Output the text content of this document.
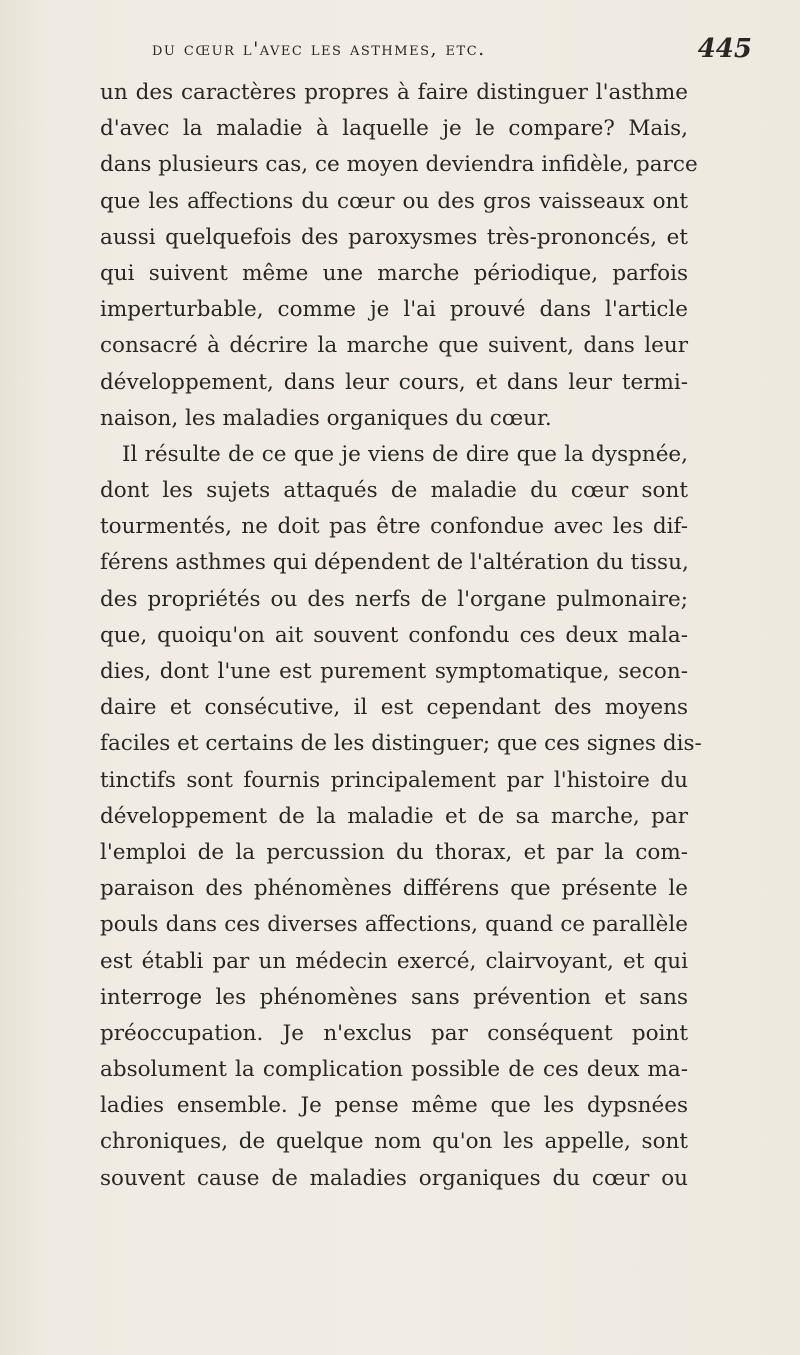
du cœur l'avec les asthmes, etc.	445
un des caractères propres à faire distinguer l'asthme
d'avec la maladie à laquelle je le compare? Mais,
dans plusieurs cas, ce moyen deviendra infidèle, parce
que les affections du cœur ou des gros vaisseaux ont
aussi quelquefois des paroxysmes très-prononcés, et
qui suivent même une marche périodique, parfois
imperturbable, comme je l'ai prouvé dans l'article
consacré à décrire la marche que suivent, dans leur
développement, dans leur cours, et dans leur termi-
naison, les maladies organiques du cœur.
Il résulte de ce que je viens de dire que la dyspnée,
dont les sujets attaqués de maladie du cœur sont
tourmentés, ne doit pas être confondue avec les dif-
férens asthmes qui dépendent de l'altération du tissu,
des propriétés ou des nerfs de l'organe pulmonaire;
que, quoiqu'on ait souvent confondu ces deux mala-
dies, dont l'une est purement symptomatique, secon-
daire et consécutive, il est cependant des moyens
faciles et certains de les distinguer; que ces signes dis-
tinctifs sont fournis principalement par l'histoire du
développement de la maladie et de sa marche, par
l'emploi de la percussion du thorax, et par la com-
paraison des phénomènes différens que présente le
pouls dans ces diverses affections, quand ce parallèle
est établi par un médecin exercé, clairvoyant, et qui
interroge les phénomènes sans prévention et sans
préoccupation. Je n'exclus par conséquent point
absolument la complication possible de ces deux ma-
ladies ensemble. Je pense même que les dypsnées
chroniques, de quelque nom qu'on les appelle, sont
souvent cause de maladies organiques du cœur ou
